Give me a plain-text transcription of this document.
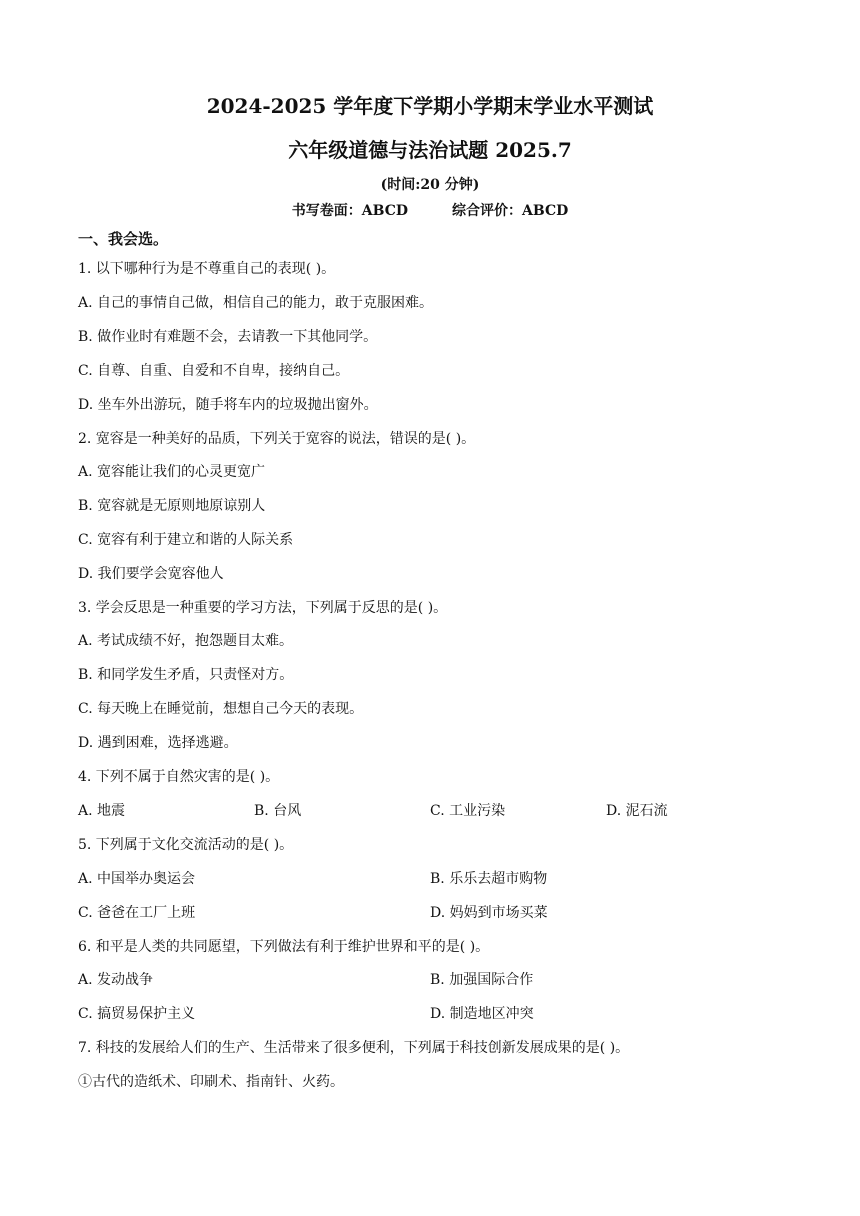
2024-2025 学年度下学期小学期末学业水平测试
六年级道德与法治试题 2025.7
(时间:20 分钟)
书写卷面：ABCD	综合评价：ABCD
一、我会选。
1. 以下哪种行为是不尊重自己的表现( )。
A. 自己的事情自己做，相信自己的能力，敢于克服困难。
B. 做作业时有难题不会，去请教一下其他同学。
C. 自尊、自重、自爱和不自卑，接纳自己。
D. 坐车外出游玩，随手将车内的垃圾抛出窗外。
2. 宽容是一种美好的品质，下列关于宽容的说法，错误的是( )。
A. 宽容能让我们的心灵更宽广
B. 宽容就是无原则地原谅别人
C. 宽容有利于建立和谐的人际关系
D. 我们要学会宽容他人
3. 学会反思是一种重要的学习方法，下列属于反思的是( )。
A. 考试成绩不好，抱怨题目太难。
B. 和同学发生矛盾，只责怪对方。
C. 每天晚上在睡觉前，想想自己今天的表现。
D. 遇到困难，选择逃避。
4. 下列不属于自然灾害的是( )。
A. 地震	B. 台风	C. 工业污染	D. 泥石流
5. 下列属于文化交流活动的是( )。
A. 中国举办奥运会	B. 乐乐去超市购物
C. 爸爸在工厂上班	D. 妈妈到市场买菜
6. 和平是人类的共同愿望，下列做法有利于维护世界和平的是( )。
A. 发动战争	B. 加强国际合作
C. 搞贸易保护主义	D. 制造地区冲突
7. 科技的发展给人们的生产、生活带来了很多便利，下列属于科技创新发展成果的是( )。
①古代的造纸术、印刷术、指南针、火药。
